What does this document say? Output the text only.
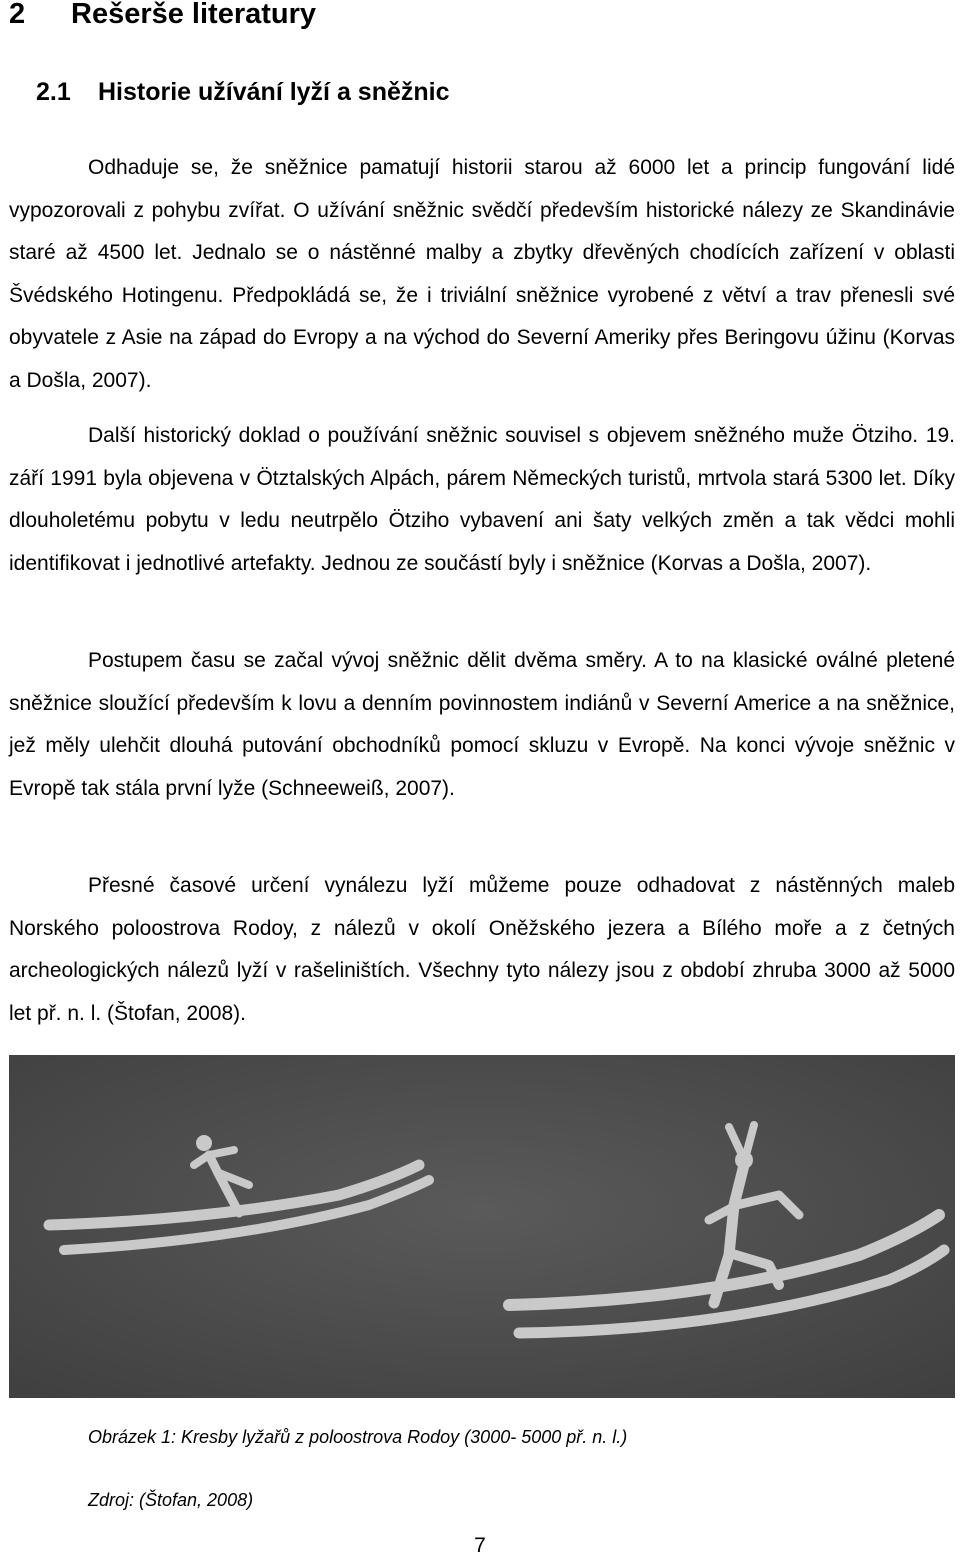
2 Rešerše literatury
2.1 Historie užívání lyží a sněžnic

Odhaduje se, že sněžnice pamatují historii starou až 6000 let a princip fungování lidé vypozorovali z pohybu zvířat. O užívání sněžnic svědčí především historické nálezy ze Skandinávie staré až 4500 let. Jednalo se o nástěnné malby a zbytky dřevěných chodících zařízení v oblasti Švédského Hotingenu. Předpokládá se, že i triviální sněžnice vyrobené z větví a trav přenesli své obyvatele z Asie na západ do Evropy a na východ do Severní Ameriky přes Beringovu úžinu (Korvas a Došla, 2007).

Další historický doklad o používání sněžnic souvisel s objevem sněžného muže Ötziho. 19. září 1991 byla objevena v Ötztalských Alpách, párem Německých turistů, mrtvola stará 5300 let. Díky dlouholetému pobytu v ledu neutrpělo Ötziho vybavení ani šaty velkých změn a tak vědci mohli identifikovat i jednotlivé artefakty. Jednou ze součástí byly i sněžnice (Korvas a Došla, 2007).

Postupem času se začal vývoj sněžnic dělit dvěma směry. A to na klasické oválné pletené sněžnice sloužící především k lovu a denním povinnostem indiánů v Severní Americe a na sněžnice, jež měly ulehčit dlouhá putování obchodníků pomocí skluzu v Evropě. Na konci vývoje sněžnic v Evropě tak stála první lyže (Schneeweiß, 2007).

Přesné časové určení vynálezu lyží můžeme pouze odhadovat z nástěnných maleb Norského poloostrova Rodoy, z nálezů v okolí Oněžského jezera a Bílého moře a z četných archeologických nálezů lyží v rašeliništích. Všechny tyto nálezy jsou z období zhruba 3000 až 5000 let př. n. l. (Štofan, 2008).

Obrázek 1: Kresby lyžařů z poloostrova Rodoy (3000- 5000 př. n. l.)

Zdroj: (Štofan, 2008)

7
